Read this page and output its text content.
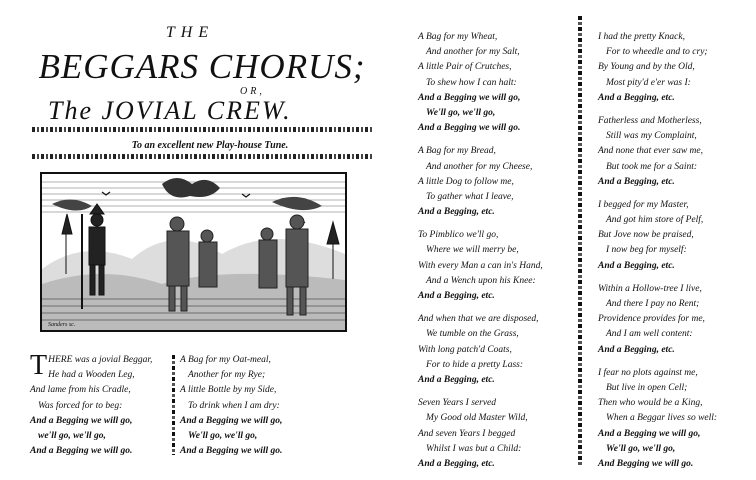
THE
BEGGARS CHORUS;
OR,
The JOVIAL CREW.
To an excellent new Play-house Tune.
Sanders sc.
THERE was a jovial Beggar,
He had a Wooden Leg,
And lame from his Cradle,
Was forced for to beg:
And a Begging we will go,
we'll go, we'll go,
And a Begging we will go.
A Bag for my Oat-meal,
Another for my Rye;
A little Bottle by my Side,
To drink when I am dry:
And a Begging we will go,
We'll go, we'll go,
And a Begging we will go.
A Bag for my Wheat,
And another for my Salt,
A little Pair of Crutches,
To shew how I can halt:
And a Begging we will go,
We'll go, we'll go,
And a Begging we will go.
A Bag for my Bread,
And another for my Cheese,
A little Dog to follow me,
To gather what I leave,
And a Begging, etc.
To Pimblico we'll go,
Where we will merry be,
With every Man a can in's Hand,
And a Wench upon his Knee:
And a Begging, etc.
And when that we are disposed,
We tumble on the Grass,
With long patch'd Coats,
For to hide a pretty Lass:
And a Begging, etc.
Seven Years I served
My Good old Master Wild,
And seven Years I begged
Whilst I was but a Child:
And a Begging, etc.
I had the pretty Knack,
For to wheedle and to cry;
By Young and by the Old,
Most pity'd e'er was I:
And a Begging, etc.
Fatherless and Motherless,
Still was my Complaint,
And none that ever saw me,
But took me for a Saint:
And a Begging, etc.
I begged for my Master,
And got him store of Pelf,
But Jove now be praised,
I now beg for myself:
And a Begging, etc.
Within a Hollow-tree I live,
And there I pay no Rent;
Providence provides for me,
And I am well content:
And a Begging, etc.
I fear no plots against me,
But live in open Cell;
Then who would be a King,
When a Beggar lives so well:
And a Begging we will go,
We'll go, we'll go,
And Begging we will go.
